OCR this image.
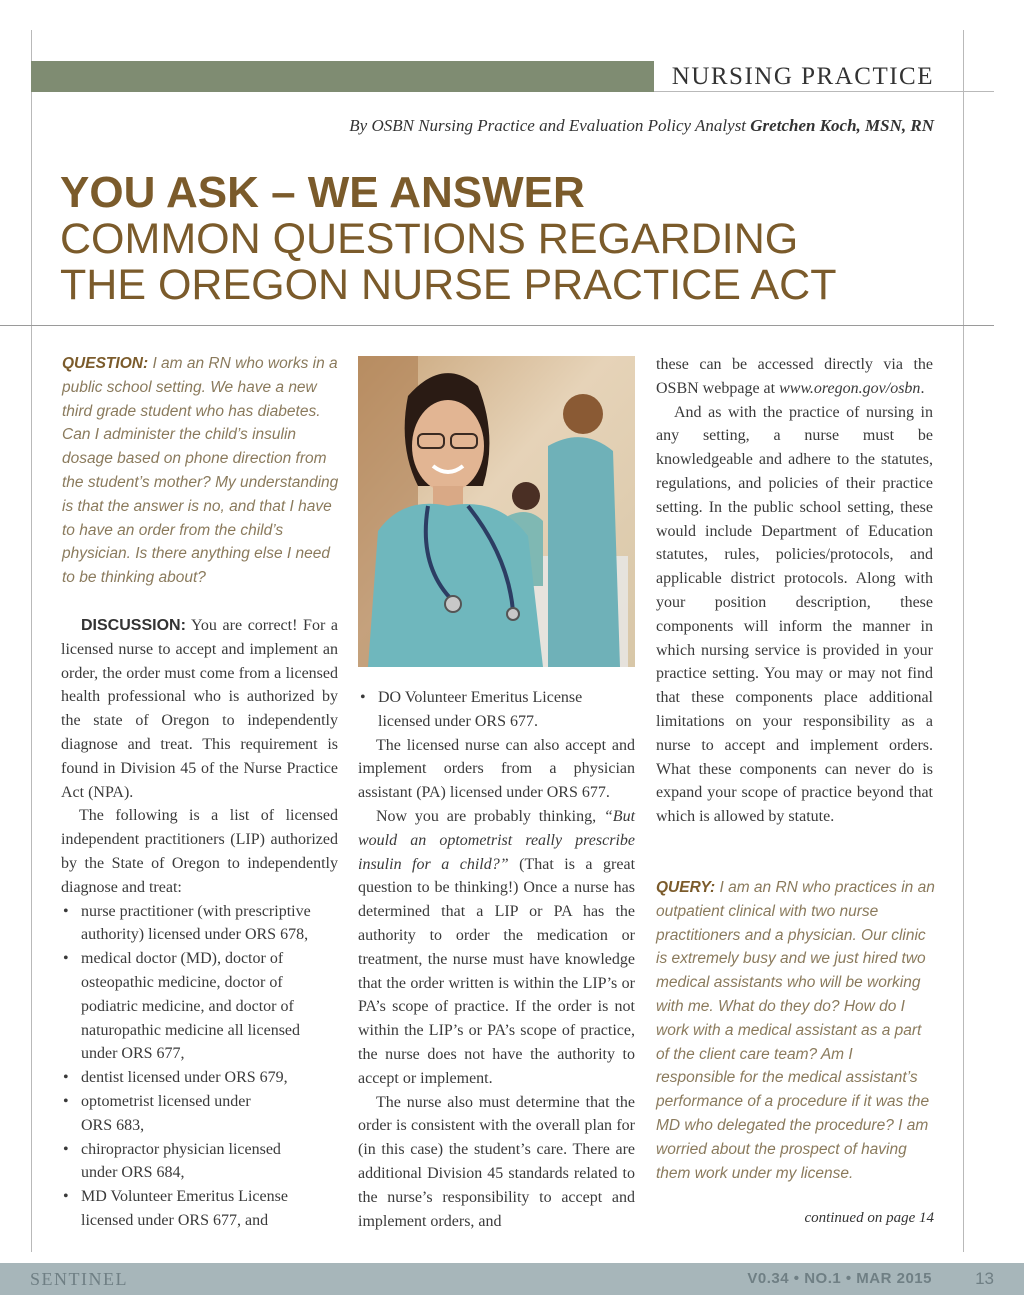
NURSING PRACTICE
By OSBN Nursing Practice and Evaluation Policy Analyst Gretchen Koch, MSN, RN
YOU ASK – WE ANSWER
COMMON QUESTIONS REGARDING
THE OREGON NURSE PRACTICE ACT
QUESTION: I am an RN who works in a public school setting. We have a new third grade student who has diabetes. Can I administer the child’s insulin dosage based on phone direction from the student’s mother? My understanding is that the answer is no, and that I have to have an order from the child’s physician. Is there anything else I need to be thinking about?

DISCUSSION: You are correct! For a licensed nurse to accept and implement an order, the order must come from a licensed health professional who is authorized by the state of Oregon to independently diagnose and treat. This requirement is found in Division 45 of the Nurse Practice Act (NPA).

The following is a list of licensed independent practitioners (LIP) authorized by the State of Oregon to independently diagnose and treat:

• nurse practitioner (with prescriptive authority) licensed under ORS 678,
• medical doctor (MD), doctor of osteopathic medicine, doctor of podiatric medicine, and doctor of naturopathic medicine all licensed under ORS 677,
• dentist licensed under ORS 679,
• optometrist licensed under ORS 683,
• chiropractor physician licensed under ORS 684,
• MD Volunteer Emeritus License licensed under ORS 677, and
• DO Volunteer Emeritus License licensed under ORS 677.

The licensed nurse can also accept and implement orders from a physician assistant (PA) licensed under ORS 677.

Now you are probably thinking, “But would an optometrist really prescribe insulin for a child?” (That is a great question to be thinking!) Once a nurse has determined that a LIP or PA has the authority to order the medication or treatment, the nurse must have knowledge that the order written is within the LIP’s or PA’s scope of practice. If the order is not within the LIP’s or PA’s scope of practice, the nurse does not have the authority to accept or implement.

The nurse also must determine that the order is consistent with the overall plan for (in this case) the student’s care. There are additional Division 45 standards related to the nurse’s responsibility to accept and implement orders, and

these can be accessed directly via the OSBN webpage at www.oregon.gov/osbn.

And as with the practice of nursing in any setting, a nurse must be knowledgeable and adhere to the statutes, regulations, and policies of their practice setting. In the public school setting, these would include Department of Education statutes, rules, policies/protocols, and applicable district protocols. Along with your position description, these components will inform the manner in which nursing service is provided in your practice setting. You may or may not find that these components place additional limitations on your responsibility as a nurse to accept and implement orders. What these components can never do is expand your scope of practice beyond that which is allowed by statute.

QUERY: I am an RN who practices in an outpatient clinical with two nurse practitioners and a physician. Our clinic is extremely busy and we just hired two medical assistants who will be working with me. What do they do? How do I work with a medical assistant as a part of the client care team? Am I responsible for the medical assistant’s performance of a procedure if it was the MD who delegated the procedure? I am worried about the prospect of having them work under my license.
continued on page 14
SENTINEL	V0.34 • NO.1 • MAR 2015	13
